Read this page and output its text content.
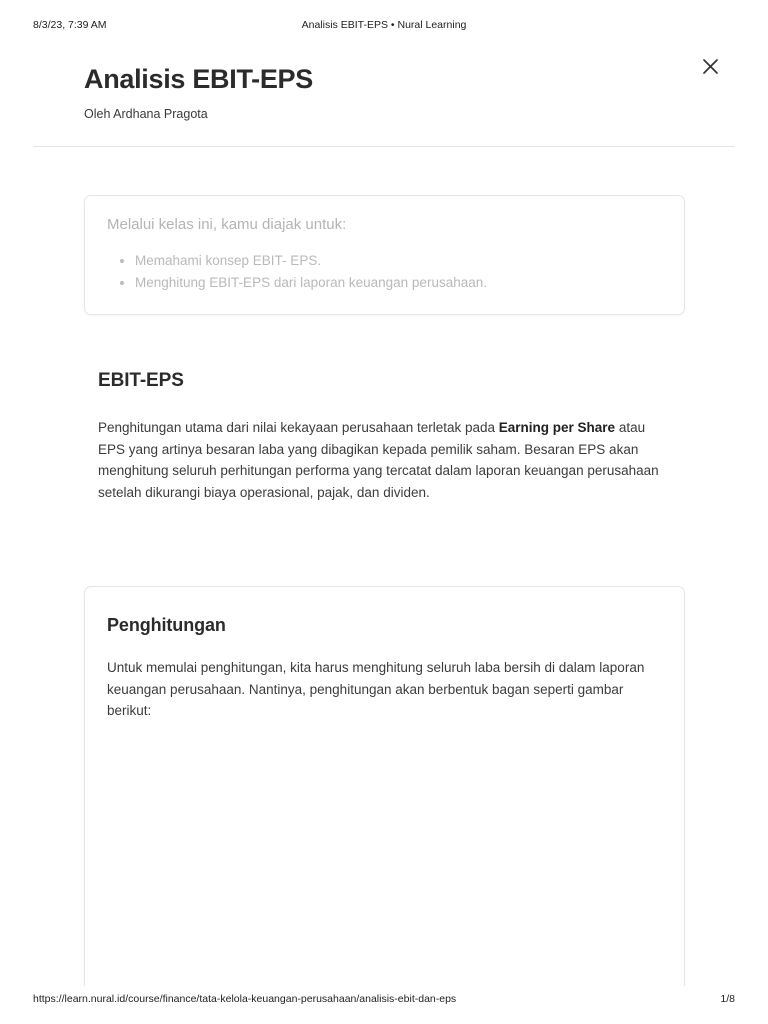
8/3/23, 7:39 AM	Analisis EBIT-EPS • Nural Learning
Analisis EBIT-EPS

Oleh Ardhana Pragota

Melalui kelas ini, kamu diajak untuk:

Memahami konsep EBIT- EPS.
Menghitung EBIT-EPS dari laporan keuangan perusahaan.
EBIT-EPS

Penghitungan utama dari nilai kekayaan perusahaan terletak pada Earning per Share atau EPS yang artinya besaran laba yang dibagikan kepada pemilik saham. Besaran EPS akan menghitung seluruh perhitungan performa yang tercatat dalam laporan keuangan perusahaan setelah dikurangi biaya operasional, pajak, dan dividen.

Penghitungan

Untuk memulai penghitungan, kita harus menghitung seluruh laba bersih di dalam laporan keuangan perusahaan. Nantinya, penghitungan akan berbentuk bagan seperti gambar berikut:

https://learn.nural.id/course/finance/tata-kelola-keuangan-perusahaan/analisis-ebit-dan-eps	1/8
